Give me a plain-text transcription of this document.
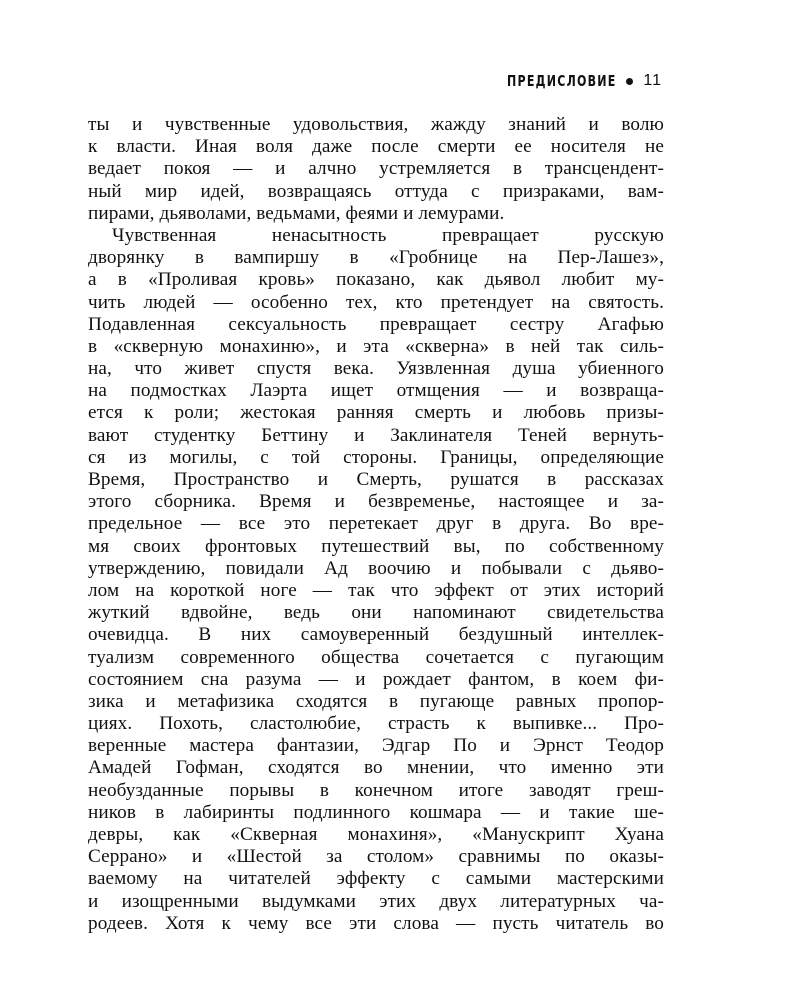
ПРЕДИСЛОВИЕ 11
ты и чувственные удовольствия, жажду знаний и волю
к власти. Иная воля даже после смерти ее носителя не
ведает покоя — и алчно устремляется в трансцендент-
ный мир идей, возвращаясь оттуда с призраками, вам-
пирами, дьяволами, ведьмами, феями и лемурами.
Чувственная ненасытность превращает русскую
дворянку в вампиршу в «Гробнице на Пер-Лашез»,
а в «Проливая кровь» показано, как дьявол любит му-
чить людей — особенно тех, кто претендует на святость.
Подавленная сексуальность превращает сестру Агафью
в «скверную монахиню», и эта «скверна» в ней так силь-
на, что живет спустя века. Уязвленная душа убиенного
на подмостках Лаэрта ищет отмщения — и возвраща-
ется к роли; жестокая ранняя смерть и любовь призы-
вают студентку Беттину и Заклинателя Теней вернуть-
ся из могилы, с той стороны. Границы, определяющие
Время, Пространство и Смерть, рушатся в рассказах
этого сборника. Время и безвременье, настоящее и за-
предельное — все это перетекает друг в друга. Во вре-
мя своих фронтовых путешествий вы, по собственному
утверждению, повидали Ад воочию и побывали с дьяво-
лом на короткой ноге — так что эффект от этих историй
жуткий вдвойне, ведь они напоминают свидетельства
очевидца. В них самоуверенный бездушный интеллек-
туализм современного общества сочетается с пугающим
состоянием сна разума — и рождает фантом, в коем фи-
зика и метафизика сходятся в пугающе равных пропор-
циях. Похоть, сластолюбие, страсть к выпивке... Про-
веренные мастера фантазии, Эдгар По и Эрнст Теодор
Амадей Гофман, сходятся во мнении, что именно эти
необузданные порывы в конечном итоге заводят греш-
ников в лабиринты подлинного кошмара — и такие ше-
девры, как «Скверная монахиня», «Манускрипт Хуана
Серрано» и «Шестой за столом» сравнимы по оказы-
ваемому на читателей эффекту с самыми мастерскими
и изощренными выдумками этих двух литературных ча-
родеев. Хотя к чему все эти слова — пусть читатель во
